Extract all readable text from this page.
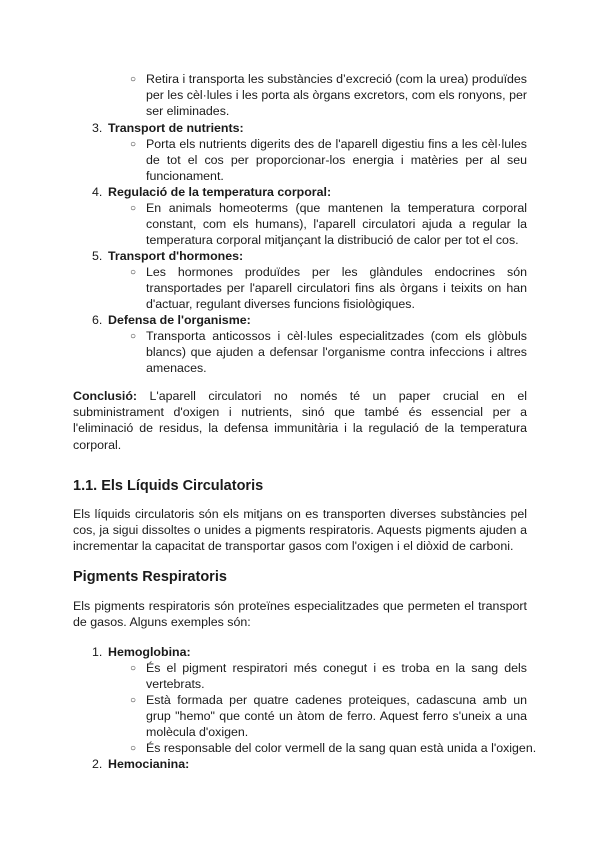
○ Retira i transporta les substàncies d’excreció (com la urea) produïdes per les cèl·lules i les porta als òrgans excretors, com els ronyons, per ser eliminades.
3. Transport de nutrients:
○ Porta els nutrients digerits des de l'aparell digestiu fins a les cèl·lules de tot el cos per proporcionar-los energia i matèries per al seu funcionament.
4. Regulació de la temperatura corporal:
○ En animals homeoterms (que mantenen la temperatura corporal constant, com els humans), l'aparell circulatori ajuda a regular la temperatura corporal mitjançant la distribució de calor per tot el cos.
5. Transport d'hormones:
○ Les hormones produïdes per les glàndules endocrines són transportades per l'aparell circulatori fins als òrgans i teixits on han d'actuar, regulant diverses funcions fisiològiques.
6. Defensa de l'organisme:
○ Transporta anticossos i cèl·lules especialitzades (com els glòbuls blancs) que ajuden a defensar l'organisme contra infeccions i altres amenaces.
Conclusió: L'aparell circulatori no només té un paper crucial en el subministrament d'oxigen i nutrients, sinó que també és essencial per a l'eliminació de residus, la defensa immunitària i la regulació de la temperatura corporal.
1.1. Els Líquids Circulatoris
Els líquids circulatoris són els mitjans on es transporten diverses substàncies pel cos, ja sigui dissoltes o unides a pigments respiratoris. Aquests pigments ajuden a incrementar la capacitat de transportar gasos com l'oxigen i el diòxid de carboni.
Pigments Respiratoris
Els pigments respiratoris són proteïnes especialitzades que permeten el transport de gasos. Alguns exemples són:
1. Hemoglobina:
○ És el pigment respiratori més conegut i es troba en la sang dels vertebrats.
○ Està formada per quatre cadenes proteiques, cadascuna amb un grup "hemo" que conté un àtom de ferro. Aquest ferro s'uneix a una molècula d'oxigen.
○ És responsable del color vermell de la sang quan està unida a l'oxigen.
2. Hemocianina:
